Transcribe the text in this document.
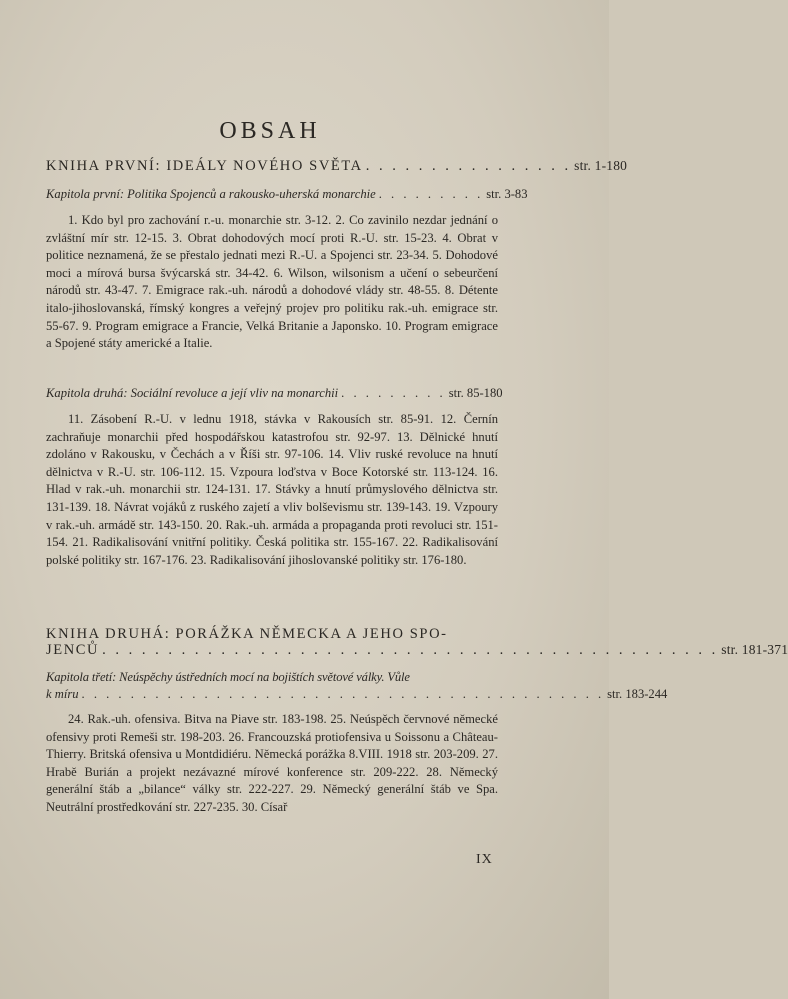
OBSAH
KNIHA PRVNÍ: IDEÁLY NOVÉHO SVĚTA . . . . . . . . . . . . . . . . str. 1-180
Kapitola první: Politika Spojenců a rakousko-uherská monarchie . . . . . . . . . str. 3-83
1. Kdo byl pro zachování r.-u. monarchie str. 3-12. 2. Co zavinilo nezdar jednání o zvláštní mír str. 12-15. 3. Obrat dohodových mocí proti R.-U. str. 15-23. 4. Obrat v politice neznamená, že se přestalo jednati mezi R.-U. a Spojenci str. 23-34. 5. Dohodové moci a mírová bursa švýcarská str. 34-42. 6. Wilson, wilsonism a učení o sebeurčení národů str. 43-47. 7. Emigrace rak.-uh. národů a dohodové vlády str. 48-55. 8. Détente italo-jihoslovanská, římský kongres a veřejný projev pro politiku rak.-uh. emigrace str. 55-67. 9. Program emigrace a Francie, Velká Britanie a Japonsko. 10. Program emigrace a Spojené státy americké a Italie.
Kapitola druhá: Sociální revoluce a její vliv na monarchii . . . . . . . . . str. 85-180
11. Zásobení R.-U. v lednu 1918, stávka v Rakousích str. 85-91. 12. Černín zachraňuje monarchii před hospodářskou katastrofou str. 92-97. 13. Dělnické hnutí zdoláno v Rakousku, v Čechách a v Říši str. 97-106. 14. Vliv ruské revoluce na hnutí dělnictva v R.-U. str. 106-112. 15. Vzpoura loďstva v Boce Kotorské str. 113-124. 16. Hlad v rak.-uh. monarchii str. 124-131. 17. Stávky a hnutí průmyslového dělnictva str. 131-139. 18. Návrat vojáků z ruského zajetí a vliv bolševismu str. 139-143. 19. Vzpoury v rak.-uh. armádě str. 143-150. 20. Rak.-uh. armáda a propaganda proti revoluci str. 151-154. 21. Radikalisování vnitřní politiky. Česká politika str. 155-167. 22. Radikalisování polské politiky str. 167-176. 23. Radikalisování jihoslovanské politiky str. 176-180.
KNIHA DRUHÁ: PORÁŽKA NĚMECKA A JEHO SPO-
JENCŮ . . . . . . . . . . . . . . . . . . . . . . . . . . . . . . . . . . . . . . . . . . . . . . . str. 181-371
Kapitola třetí: Neúspěchy ústředních mocí na bojištích světové války. Vůle
k míru . . . . . . . . . . . . . . . . . . . . . . . . . . . . . . . . . . . . . . . . . . . str. 183-244
24. Rak.-uh. ofensiva. Bitva na Piave str. 183-198. 25. Neúspěch červnové německé ofensivy proti Remeši str. 198-203. 26. Francouzská protiofensiva u Soissonu a Château-Thierry. Britská ofensiva u Montdidiéru. Německá porážka 8.VIII. 1918 str. 203-209. 27. Hrabě Burián a projekt nezávazné mírové konference str. 209-222. 28. Německý generální štáb a „bilance“ války str. 222-227. 29. Německý generální štáb ve Spa. Neutrální prostředkování str. 227-235. 30. Císař
IX
